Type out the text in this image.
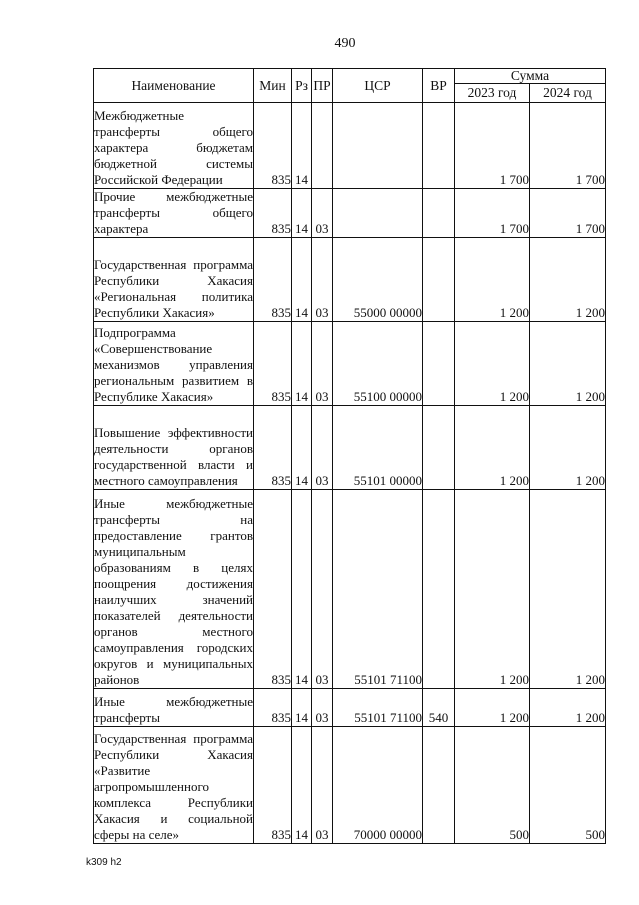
490
Наименование	Мин	Рз	ПР	ЦСР	ВР	Сумма	
						2023 год	2024 год

Межбюджетные трансферты общего характера бюджетам бюджетной системы Российской Федерации	835	14				1 700	1 700

Прочие межбюджетные трансферты общего характера	835	14	03			1 700	1 700

Государственная программа Республики Хакасия «Региональная политика Республики Хакасия»	835	14	03	55000 00000		1 200	1 200

Подпрограмма «Совершенствование механизмов управления региональным развитием в Республике Хакасия»	835	14	03	55100 00000		1 200	1 200

Повышение эффективности деятельности органов государственной власти и местного самоуправления	835	14	03	55101 00000		1 200	1 200

Иные межбюджетные трансферты на предоставление грантов муниципальным образованиям в целях поощрения достижения наилучших значений показателей деятельности органов местного самоуправления городских округов и муниципальных районов	835	14	03	55101 71100		1 200	1 200

Иные межбюджетные трансферты	835	14	03	55101 71100	540	1 200	1 200

Государственная программа Республики Хакасия «Развитие агропромышленного комплекса Республики Хакасия и социальной сферы на селе»	835	14	03	70000 00000		500	500
k309 h2
